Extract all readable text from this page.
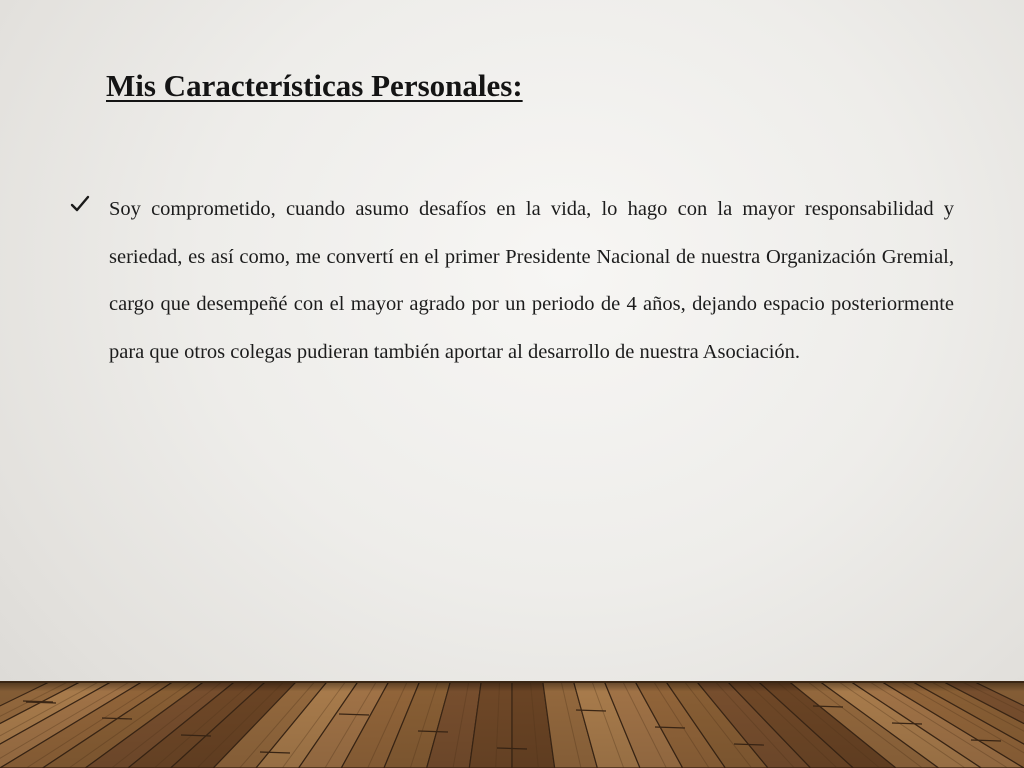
Mis Características Personales:
Soy comprometido, cuando asumo desafíos en la vida, lo hago con la mayor responsabilidad y seriedad, es así como, me convertí en el primer Presidente Nacional de nuestra Organización Gremial, cargo que desempeñé con el mayor agrado por un periodo de 4 años, dejando espacio posteriormente para que otros colegas pudieran también aportar al desarrollo de nuestra Asociación.
